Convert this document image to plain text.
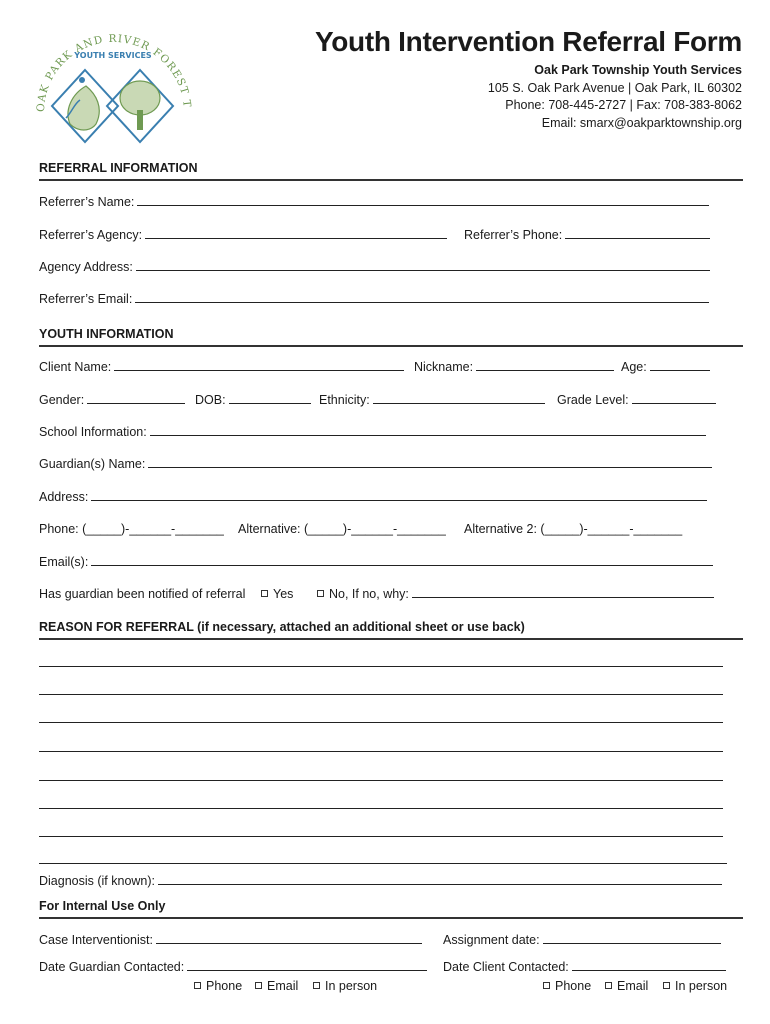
OAK PARK AND RIVER FOREST T
YOUTH SERVICES	Youth Intervention Referral Form
Oak Park Township Youth Services
105 S. Oak Park Avenue | Oak Park, IL 60302
Phone: 708-445-2727 | Fax: 708-383-8062
Email: smarx@oakparktownship.org
REFERRAL INFORMATION
Referrer’s Name:
Referrer’s Agency:	Referrer’s Phone:
Agency Address:
Referrer’s Email:
YOUTH INFORMATION
Client Name:	Nickname:	Age:
Gender:	DOB:	Ethnicity:	Grade Level:
School Information:
Guardian(s) Name:
Address:
Phone: (_____)-______-_______ Alternative: (_____)-______-_______ Alternative 2: (_____)-______-_______
Email(s):
Has guardian been notified of referral	Yes	No, If no, why:
REASON FOR REFERRAL (if necessary, attached an additional sheet or use back)
Diagnosis (if known):
For Internal Use Only
Case Interventionist:	Assignment date:
Date Guardian Contacted:	Date Client Contacted:
Phone	Email	In person	Phone	Email	In person
